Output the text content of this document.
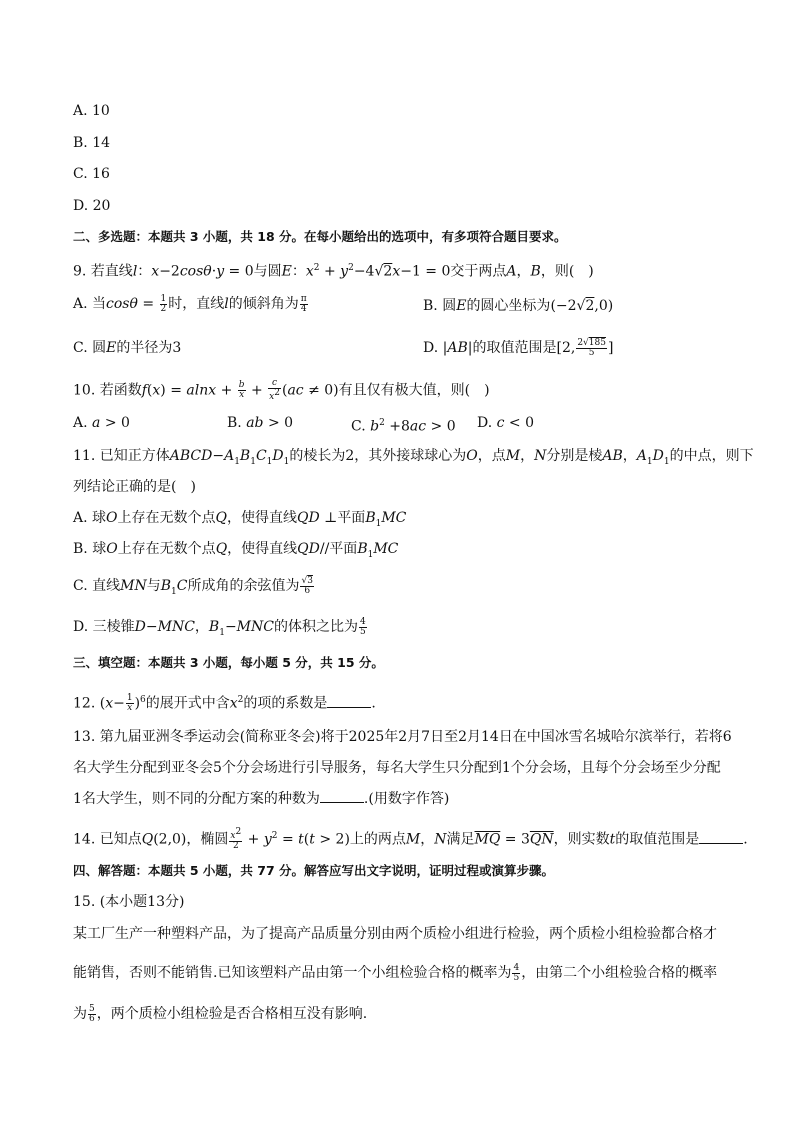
A. 10
B. 14
C. 16
D. 20
二、多选题：本题共 3 小题，共 18 分。在每小题给出的选项中，有多项符合题目要求。
9. 若直线l：x−2cosθ·y = 0与圆E：$x^2 + y^2-4√2x-1 = 0$交于两点A，B，则(　)
A. 当$\cos\theta = \frac{1}{2}$ 时，直线l的倾斜角为 $\frac{\pi}{4}$	B. 圆E的圆心坐标为(−2√2,0)
C. 圆E的半径为3	D. |AB|的取值范围是[2, $\frac{2√185}{5}$ ]
10. 若函数$f(x) = alnx + \frac{b}{x} + \frac{c}{x^2} (ac \ne 0)$有且仅有极大值，则(　)
A. a > 0	B. ab > 0	C. $b^2 +8ac > 0$ D. c < 0
11. 已知正方体$ABCD-A_1B_1C_1D_1$的棱长为2，其外接球球心为O，点M，N分别是棱AB，$A_1D_1$的中点，则下
列结论正确的是(　)
A. 球O上存在无数个点Q，使得直线QD ⊥平面$B_1MC$
B. 球O上存在无数个点Q，使得直线QD//平面$B_1MC$
C. 直线MN与$B_1C$所成角的余弦值为 $\frac{√3}{6}$
D. 三棱锥D−MNC，$B_1-MNC$的体积之比为 $\frac{4}{5}$
三、填空题：本题共 3 小题，每小题 5 分，共 15 分。
12. $(x- \frac{1}{x} )^6$的展开式中含$x^2$的项的系数是	.
13. 第九届亚洲冬季运动会(简称亚冬会)将于2025年2月7日至2月14日在中国冰雪名城哈尔滨举行，若将6
名大学生分配到亚冬会5个分会场进行引导服务，每名大学生只分配到1个分会场，且每个分会场至少分配
1名大学生，则不同的分配方案的种数为	.(用数字作答)
14. 已知点Q(2,0)，椭圆 $\frac{x^2}{2} + y^2 = t(t > 2)$上的两点M，N满足$\overline{MQ} = 3\overline{QN}$，则实数t的取值范围是	.
四、解答题：本题共 5 小题，共 77 分。解答应写出文字说明，证明过程或演算步骤。
15. (本小题13分)
某工厂生产一种塑料产品，为了提高产品质量分别由两个质检小组进行检验，两个质检小组检验都合格才
能销售，否则不能销售.已知该塑料产品由第一个小组检验合格的概率为 $\frac{4}{5}$ ，由第二个小组检验合格的概率
为 $\frac{5}{6}$ ，两个质检小组检验是否合格相互没有影响.
